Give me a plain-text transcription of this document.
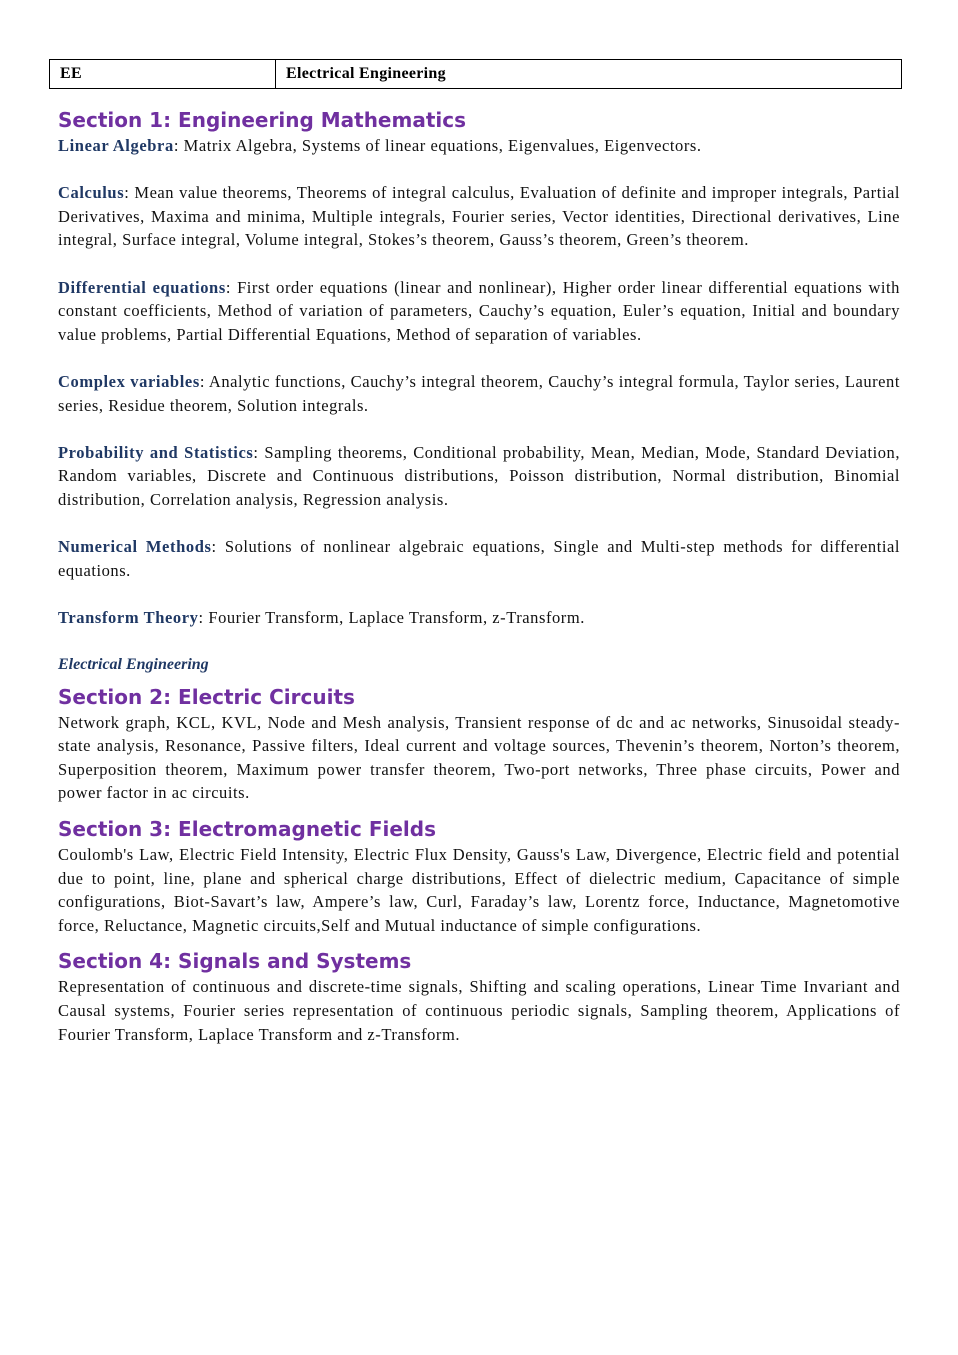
EE	Electrical Engineering
Section 1: Engineering Mathematics

Linear Algebra: Matrix Algebra, Systems of linear equations, Eigenvalues, Eigenvectors.

Calculus: Mean value theorems, Theorems of integral calculus, Evaluation of definite and improper integrals, Partial Derivatives, Maxima and minima, Multiple integrals, Fourier series, Vector identities, Directional derivatives, Line integral, Surface integral, Volume integral, Stokes’s theorem, Gauss’s theorem, Green’s theorem.

Differential equations: First order equations (linear and nonlinear), Higher order linear differential equations with constant coefficients, Method of variation of parameters, Cauchy’s equation, Euler’s equation, Initial and boundary value problems, Partial Differential Equations, Method of separation of variables.

Complex variables: Analytic functions, Cauchy’s integral theorem, Cauchy’s integral formula, Taylor series, Laurent series, Residue theorem, Solution integrals.

Probability and Statistics: Sampling theorems, Conditional probability, Mean, Median, Mode, Standard Deviation, Random variables, Discrete and Continuous distributions, Poisson distribution, Normal distribution, Binomial distribution, Correlation analysis, Regression analysis.

Numerical Methods: Solutions of nonlinear algebraic equations, Single and Multi-step methods for differential equations.

Transform Theory: Fourier Transform, Laplace Transform, z-Transform.

Electrical Engineering
Section 2: Electric Circuits

Network graph, KCL, KVL, Node and Mesh analysis, Transient response of dc and ac networks, Sinusoidal steady-state analysis, Resonance, Passive filters, Ideal current and voltage sources, Thevenin’s theorem, Norton’s theorem, Superposition theorem, Maximum power transfer theorem, Two-port networks, Three phase circuits, Power and power factor in ac circuits.

Section 3: Electromagnetic Fields

Coulomb's Law, Electric Field Intensity, Electric Flux Density, Gauss's Law, Divergence, Electric field and potential due to point, line, plane and spherical charge distributions, Effect of dielectric medium, Capacitance of simple configurations, Biot-Savart’s law, Ampere’s law, Curl, Faraday’s law, Lorentz force, Inductance, Magnetomotive force, Reluctance, Magnetic circuits,Self and Mutual inductance of simple configurations.

Section 4: Signals and Systems

Representation of continuous and discrete-time signals, Shifting and scaling operations, Linear Time Invariant and Causal systems, Fourier series representation of continuous periodic signals, Sampling theorem, Applications of Fourier Transform, Laplace Transform and z-Transform.
